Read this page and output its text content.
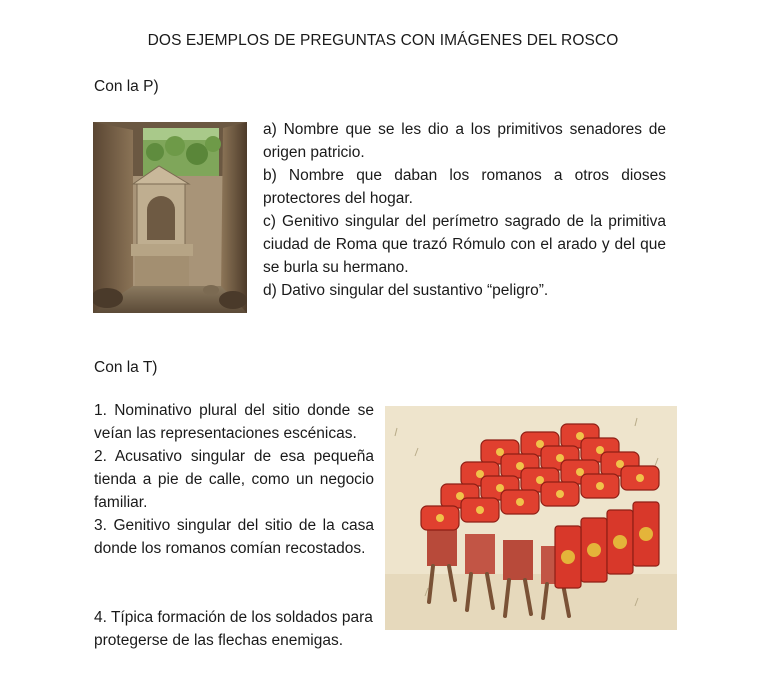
DOS EJEMPLOS DE PREGUNTAS CON IMÁGENES DEL ROSCO
Con la P)

a) Nombre que se les dio a los primitivos senadores de origen patricio.

b) Nombre que daban los romanos a otros dioses protectores del hogar.

c) Genitivo singular del perímetro sagrado de la primitiva ciudad de Roma que trazó Rómulo con el arado y del que se burla su hermano.

d) Dativo singular del sustantivo “peligro”.

Con la T)

1. Nominativo plural del sitio donde se veían las representaciones escénicas.

2. Acusativo singular de esa pequeña tienda a pie de calle, como un negocio familiar.

3. Genitivo singular del sitio de la casa donde los romanos comían recostados.

4. Típica formación de los soldados para protegerse de las flechas enemigas.
